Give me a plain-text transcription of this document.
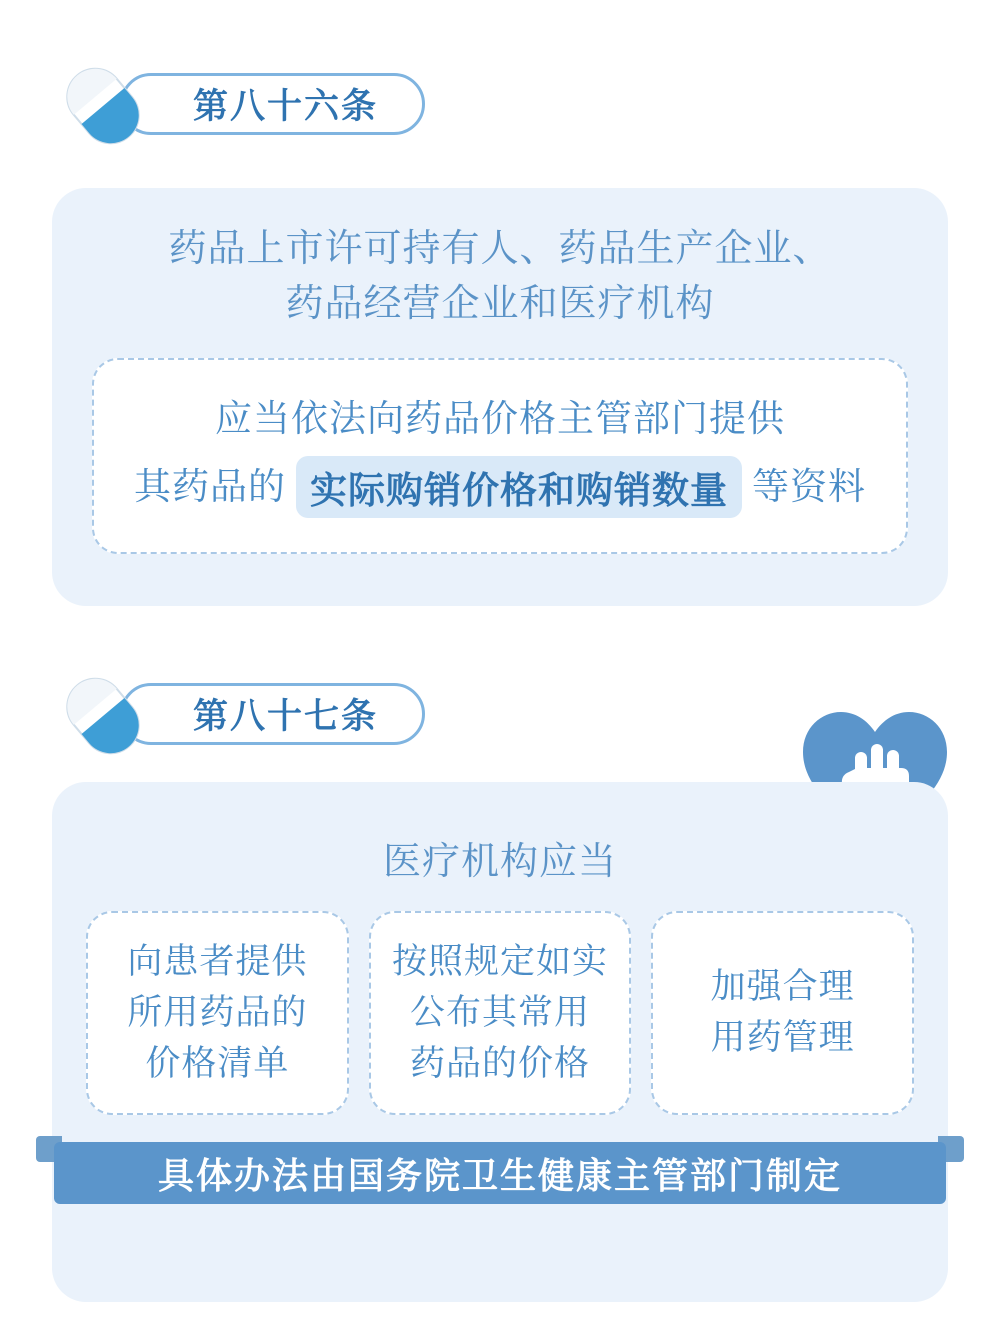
第八十六条
药品上市许可持有人、药品生产企业、
药品经营企业和医疗机构
应当依法向药品价格主管部门提供
其药品的 实际购销价格和购销数量 等资料
第八十七条
医疗机构应当
向患者提供
所用药品的
价格清单
按照规定如实
公布其常用
药品的价格
加强合理
用药管理
具体办法由国务院卫生健康主管部门制定
